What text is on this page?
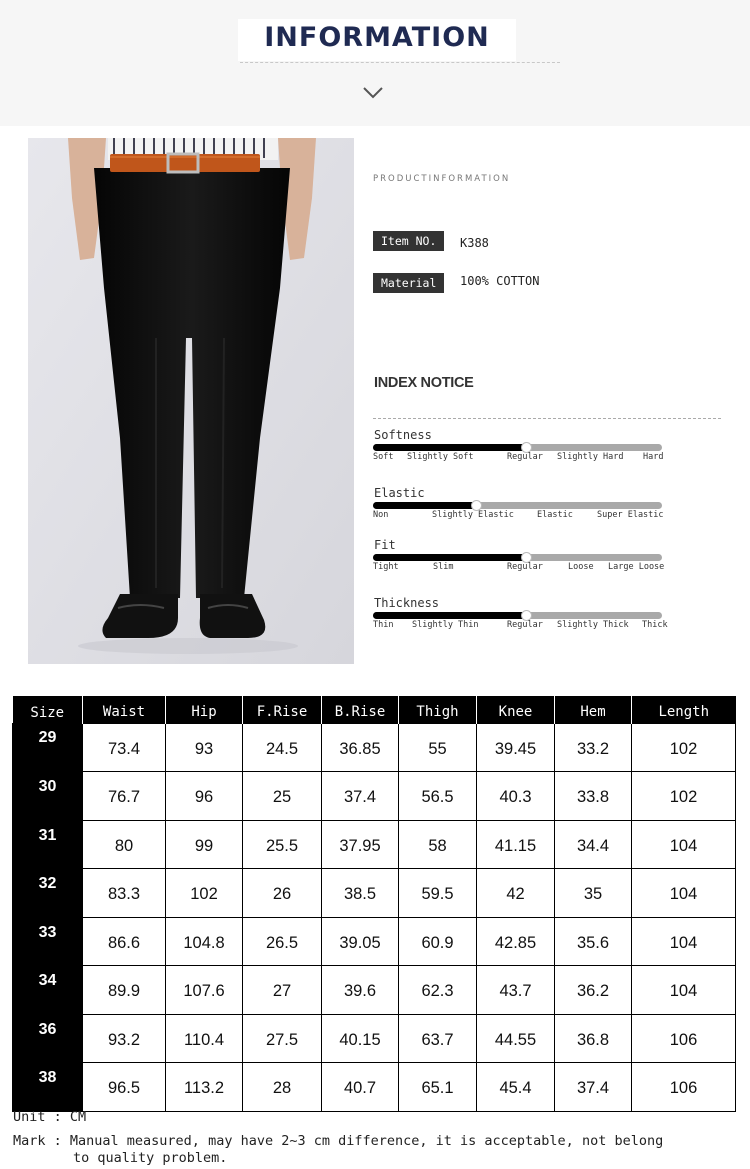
INFORMATION
PRODUCTINFORMATION
Item NO.	K388
Material	100% COTTON
INDEX NOTICE
Softness
Soft Slightly Soft	Regular Slightly Hard Hard
Elastic
Non	Slightly Elastic	Elastic	Super Elastic
Fit
Tight	Slim	Regular	Loose Large Loose
Thickness
Thin Slightly Thin	Regular Slightly Thick Thick
Size	Waist	Hip	F.Rise	B.Rise	Thigh	Knee	Hem	Length
29	73.4	93	24.5	36.85	55	39.45	33.2	102
30	76.7	96	25	37.4	56.5	40.3	33.8	102
31	80	99	25.5	37.95	58	41.15	34.4	104
32	83.3	102	26	38.5	59.5	42	35	104
33	86.6	104.8	26.5	39.05	60.9	42.85	35.6	104
34	89.9	107.6	27	39.6	62.3	43.7	36.2	104
36	93.2	110.4	27.5	40.15	63.7	44.55	36.8	106
38	96.5	113.2	28	40.7	65.1	45.4	37.4	106
Unit : CM
Mark : Manual measured, may have 2~3 cm difference, it is acceptable, not belong
to quality problem.
